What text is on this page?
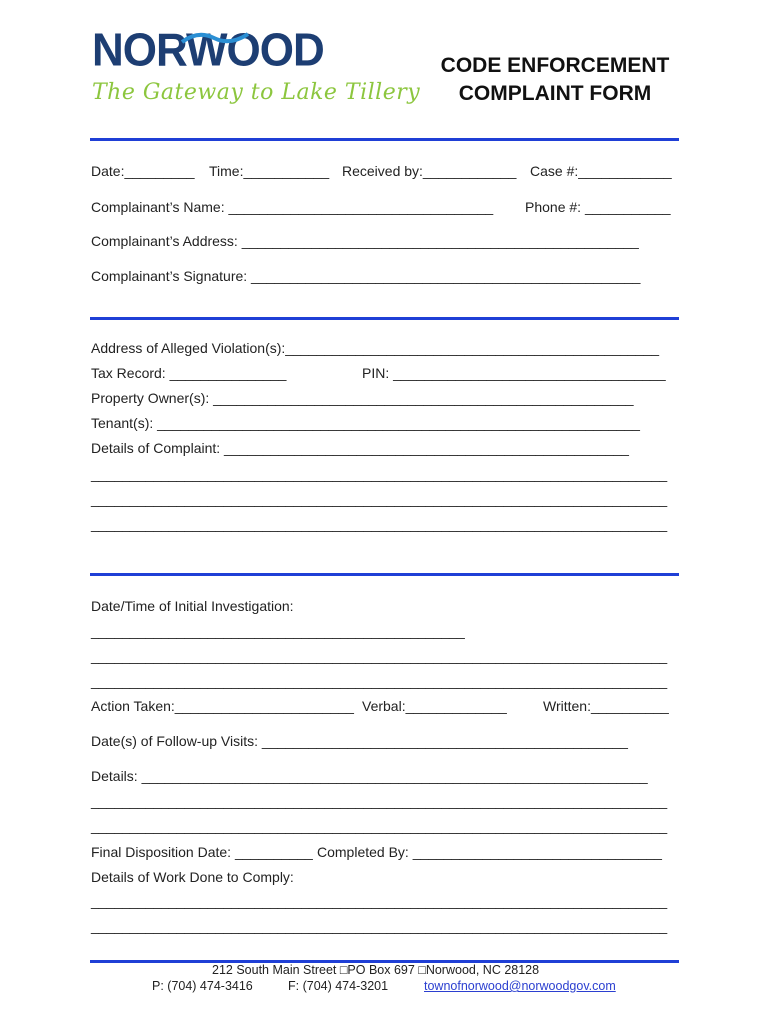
NORWOOD
The Gateway to Lake Tillery
CODE ENFORCEMENT
COMPLAINT FORM
Date:_________ Time:___________ Received by:____________ Case #:____________
Complainant’s Name: __________________________________ Phone #: ___________
Complainant’s Address: ___________________________________________________
Complainant’s Signature: __________________________________________________
Address of Alleged Violation(s):________________________________________________
Tax Record: _______________	PIN: ___________________________________
Property Owner(s): ______________________________________________________
Tenant(s): ______________________________________________________________
Details of Complaint: ____________________________________________________
__________________________________________________________________________
__________________________________________________________________________
__________________________________________________________________________
Date/Time of Initial Investigation:
________________________________________________
__________________________________________________________________________
__________________________________________________________________________
Action Taken:_______________________ Verbal:_____________	Written:__________
Date(s) of Follow-up Visits: _______________________________________________
Details: _________________________________________________________________
__________________________________________________________________________
__________________________________________________________________________
Final Disposition Date: __________ Completed By: ________________________________
Details of Work Done to Comply:
__________________________________________________________________________
__________________________________________________________________________
212 South Main Street □PO Box 697 □Norwood, NC 28128
P: (704) 474-3416	F: (704) 474-3201	townofnorwood@norwoodgov.com
